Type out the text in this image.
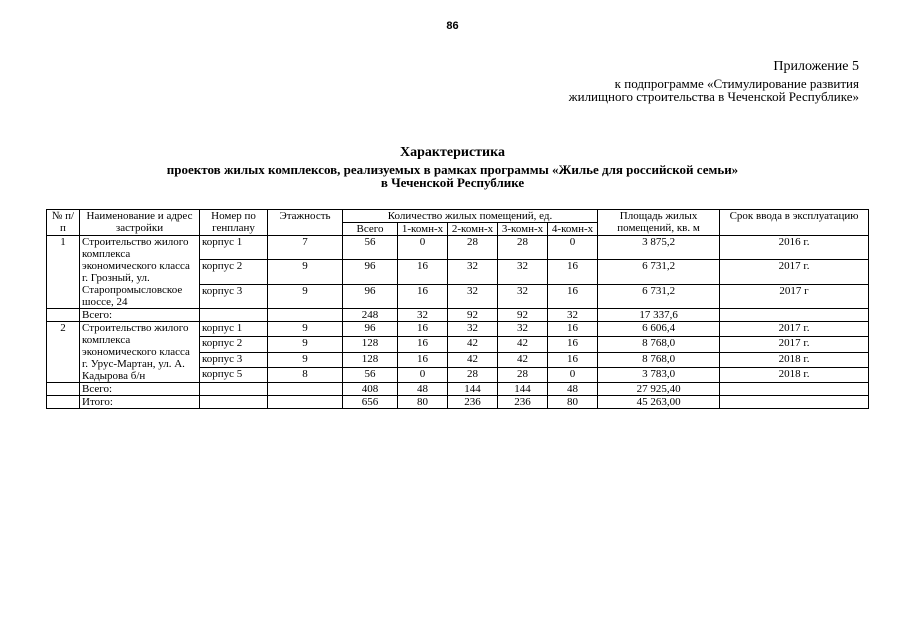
86
Приложение 5
к подпрограмме «Стимулирование развития
жилищного строительства в Чеченской Республике»
Характеристика
проектов жилых комплексов, реализуемых в рамках программы «Жилье для российской семьи»
в Чеченской Республике
№ п/п	Наименование и адрес застройки	Номер по генплану	Этажность	Количество жилых помещений, ед.					Площадь жилых помещений, кв. м	Срок ввода в эксплуатацию
				Всего	1-комн-х	2-комн-х	3-комн-х	4-комн-х		
1	Строительство жилого комплекса экономического класса г. Грозный, ул. Старопромысловское шоссе, 24	корпус 1	7	56	0	28	28	0	3 875,2	2016 г.
		корпус 2	9	96	16	32	32	16	6 731,2	2017 г.
		корпус 3	9	96	16	32	32	16	6 731,2	2017 г
	Всего:			248	32	92	92	32	17 337,6	
2	Строительство жилого комплекса экономического класса г. Урус-Мартан, ул. А. Кадырова б/н	корпус 1	9	96	16	32	32	16	6 606,4	2017 г.
		корпус 2	9	128	16	42	42	16	8 768,0	2017 г.
		корпус 3	9	128	16	42	42	16	8 768,0	2018 г.
		корпус 5	8	56	0	28	28	0	3 783,0	2018 г.
	Всего:			408	48	144	144	48	27 925,40	
	Итого:			656	80	236	236	80	45 263,00	
